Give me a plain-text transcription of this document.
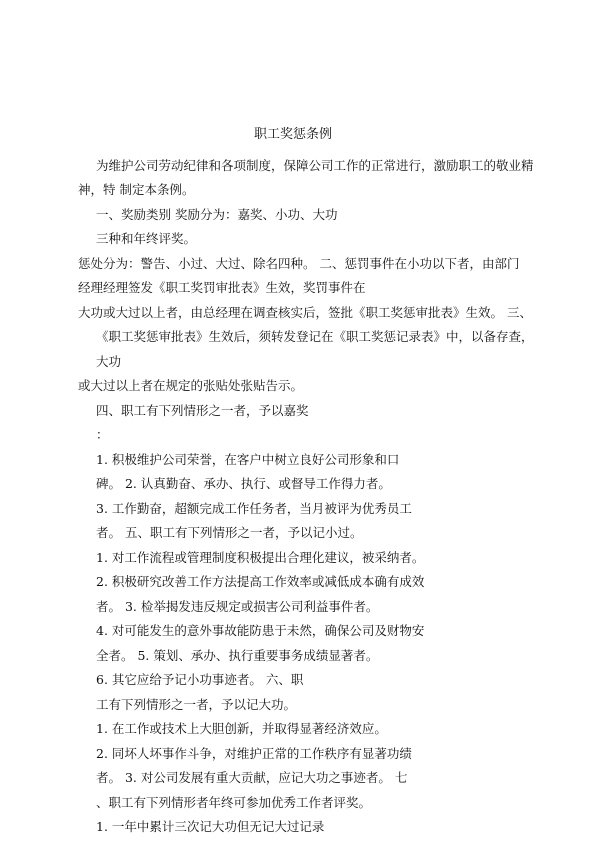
职工奖惩条例
为维护公司劳动纪律和各项制度，保障公司工作的正常进行，激励职工的敬业精
神，特 制定本条例。
一、奖励类别 奖励分为：嘉奖、小功、大功
三种和年终评奖。
惩处分为：警告、小过、大过、除名四种。 二、惩罚事件在小功以下者，由部门
经理经理签发《职工奖罚审批表》生效，奖罚事件在
大功或大过以上者，由总经理在调查核实后，签批《职工奖惩审批表》生效。 三、
《职工奖惩审批表》生效后，须转发登记在《职工奖惩记录表》中，以备存查，
大功
或大过以上者在规定的张贴处张贴告示。
四、职工有下列情形之一者，予以嘉奖
：
1. 积极维护公司荣誉，在客户中树立良好公司形象和口
碑。 2. 认真勤奋、承办、执行、或督导工作得力者。
3. 工作勤奋，超额完成工作任务者，当月被评为优秀员工
者。 五、职工有下列情形之一者，予以记小过。
1. 对工作流程或管理制度积极提出合理化建议，被采纳者。
2. 积极研究改善工作方法提高工作效率或减低成本确有成效
者。 3. 检举揭发违反规定或损害公司利益事件者。
4. 对可能发生的意外事故能防患于未然，确保公司及财物安
全者。 5. 策划、承办、执行重要事务成绩显著者。
6. 其它应给予记小功事迹者。 六、职
工有下列情形之一者，予以记大功。
1. 在工作或技术上大胆创新，并取得显著经济效应。
2. 同坏人坏事作斗争，对维护正常的工作秩序有显著功绩
者。 3. 对公司发展有重大贡献，应记大功之事迹者。 七
、职工有下列情形者年终可参加优秀工作者评奖。
1. 一年中累计三次记大功但无记大过记录
